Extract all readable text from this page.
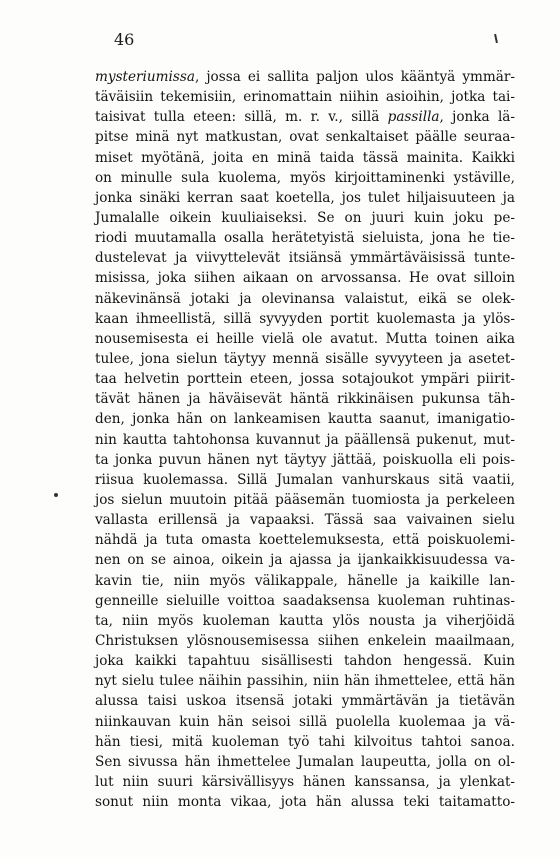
46
mysteriumissa, jossa ei sallita paljon ulos kääntyä ymmär-
täväisiin tekemisiin, erinomattain niihin asioihin, jotka tai-
taisivat tulla eteen: sillä, m. r. v., sillä passilla, jonka lä-
pitse minä nyt matkustan, ovat senkaltaiset päälle seuraa-
miset myötänä, joita en minä taida tässä mainita. Kaikki
on minulle sula kuolema, myös kirjoittaminenki ystäville,
jonka sinäki kerran saat koetella, jos tulet hiljaisuuteen ja
Jumalalle oikein kuuliaiseksi. Se on juuri kuin joku pe-
riodi muutamalla osalla herätetyistä sieluista, jona he tie-
dustelevat ja viivyttelevät itsiänsä ymmärtäväisissä tunte-
misissa, joka siihen aikaan on arvossansa. He ovat silloin
näkevinänsä jotaki ja olevinansa valaistut, eikä se olek-
kaan ihmeellistä, sillä syvyyden portit kuolemasta ja ylös-
nousemisesta ei heille vielä ole avatut. Mutta toinen aika
tulee, jona sielun täytyy mennä sisälle syvyyteen ja asetet-
taa helvetin porttein eteen, jossa sotajoukot ympäri piirit-
tävät hänen ja häväisevät häntä rikkinäisen pukunsa täh-
den, jonka hän on lankeamisen kautta saanut, imanigatio-
nin kautta tahtohonsa kuvannut ja päällensä pukenut, mut-
ta jonka puvun hänen nyt täytyy jättää, poiskuolla eli pois-
riisua kuolemassa. Sillä Jumalan vanhurskaus sitä vaatii,
jos sielun muutoin pitää pääsemän tuomiosta ja perkeleen
vallasta erillensä ja vapaaksi. Tässä saa vaivainen sielu
nähdä ja tuta omasta koettelemuksesta, että poiskuolemi-
nen on se ainoa, oikein ja ajassa ja ijankaikkisuudessa va-
kavin tie, niin myös välikappale, hänelle ja kaikille lan-
genneille sieluille voittoa saadaksensa kuoleman ruhtinas-
ta, niin myös kuoleman kautta ylös nousta ja viherjöidä
Christuksen ylösnousemisessa siihen enkelein maailmaan,
joka kaikki tapahtuu sisällisesti tahdon hengessä. Kuin
nyt sielu tulee näihin passihin, niin hän ihmettelee, että hän
alussa taisi uskoa itsensä jotaki ymmärtävän ja tietävän
niinkauvan kuin hän seisoi sillä puolella kuolemaa ja vä-
hän tiesi, mitä kuoleman työ tahi kilvoitus tahtoi sanoa.
Sen sivussa hän ihmettelee Jumalan laupeutta, jolla on ol-
lut niin suuri kärsivällisyys hänen kanssansa, ja ylenkat-
sonut niin monta vikaa, jota hän alussa teki taitamatto-
